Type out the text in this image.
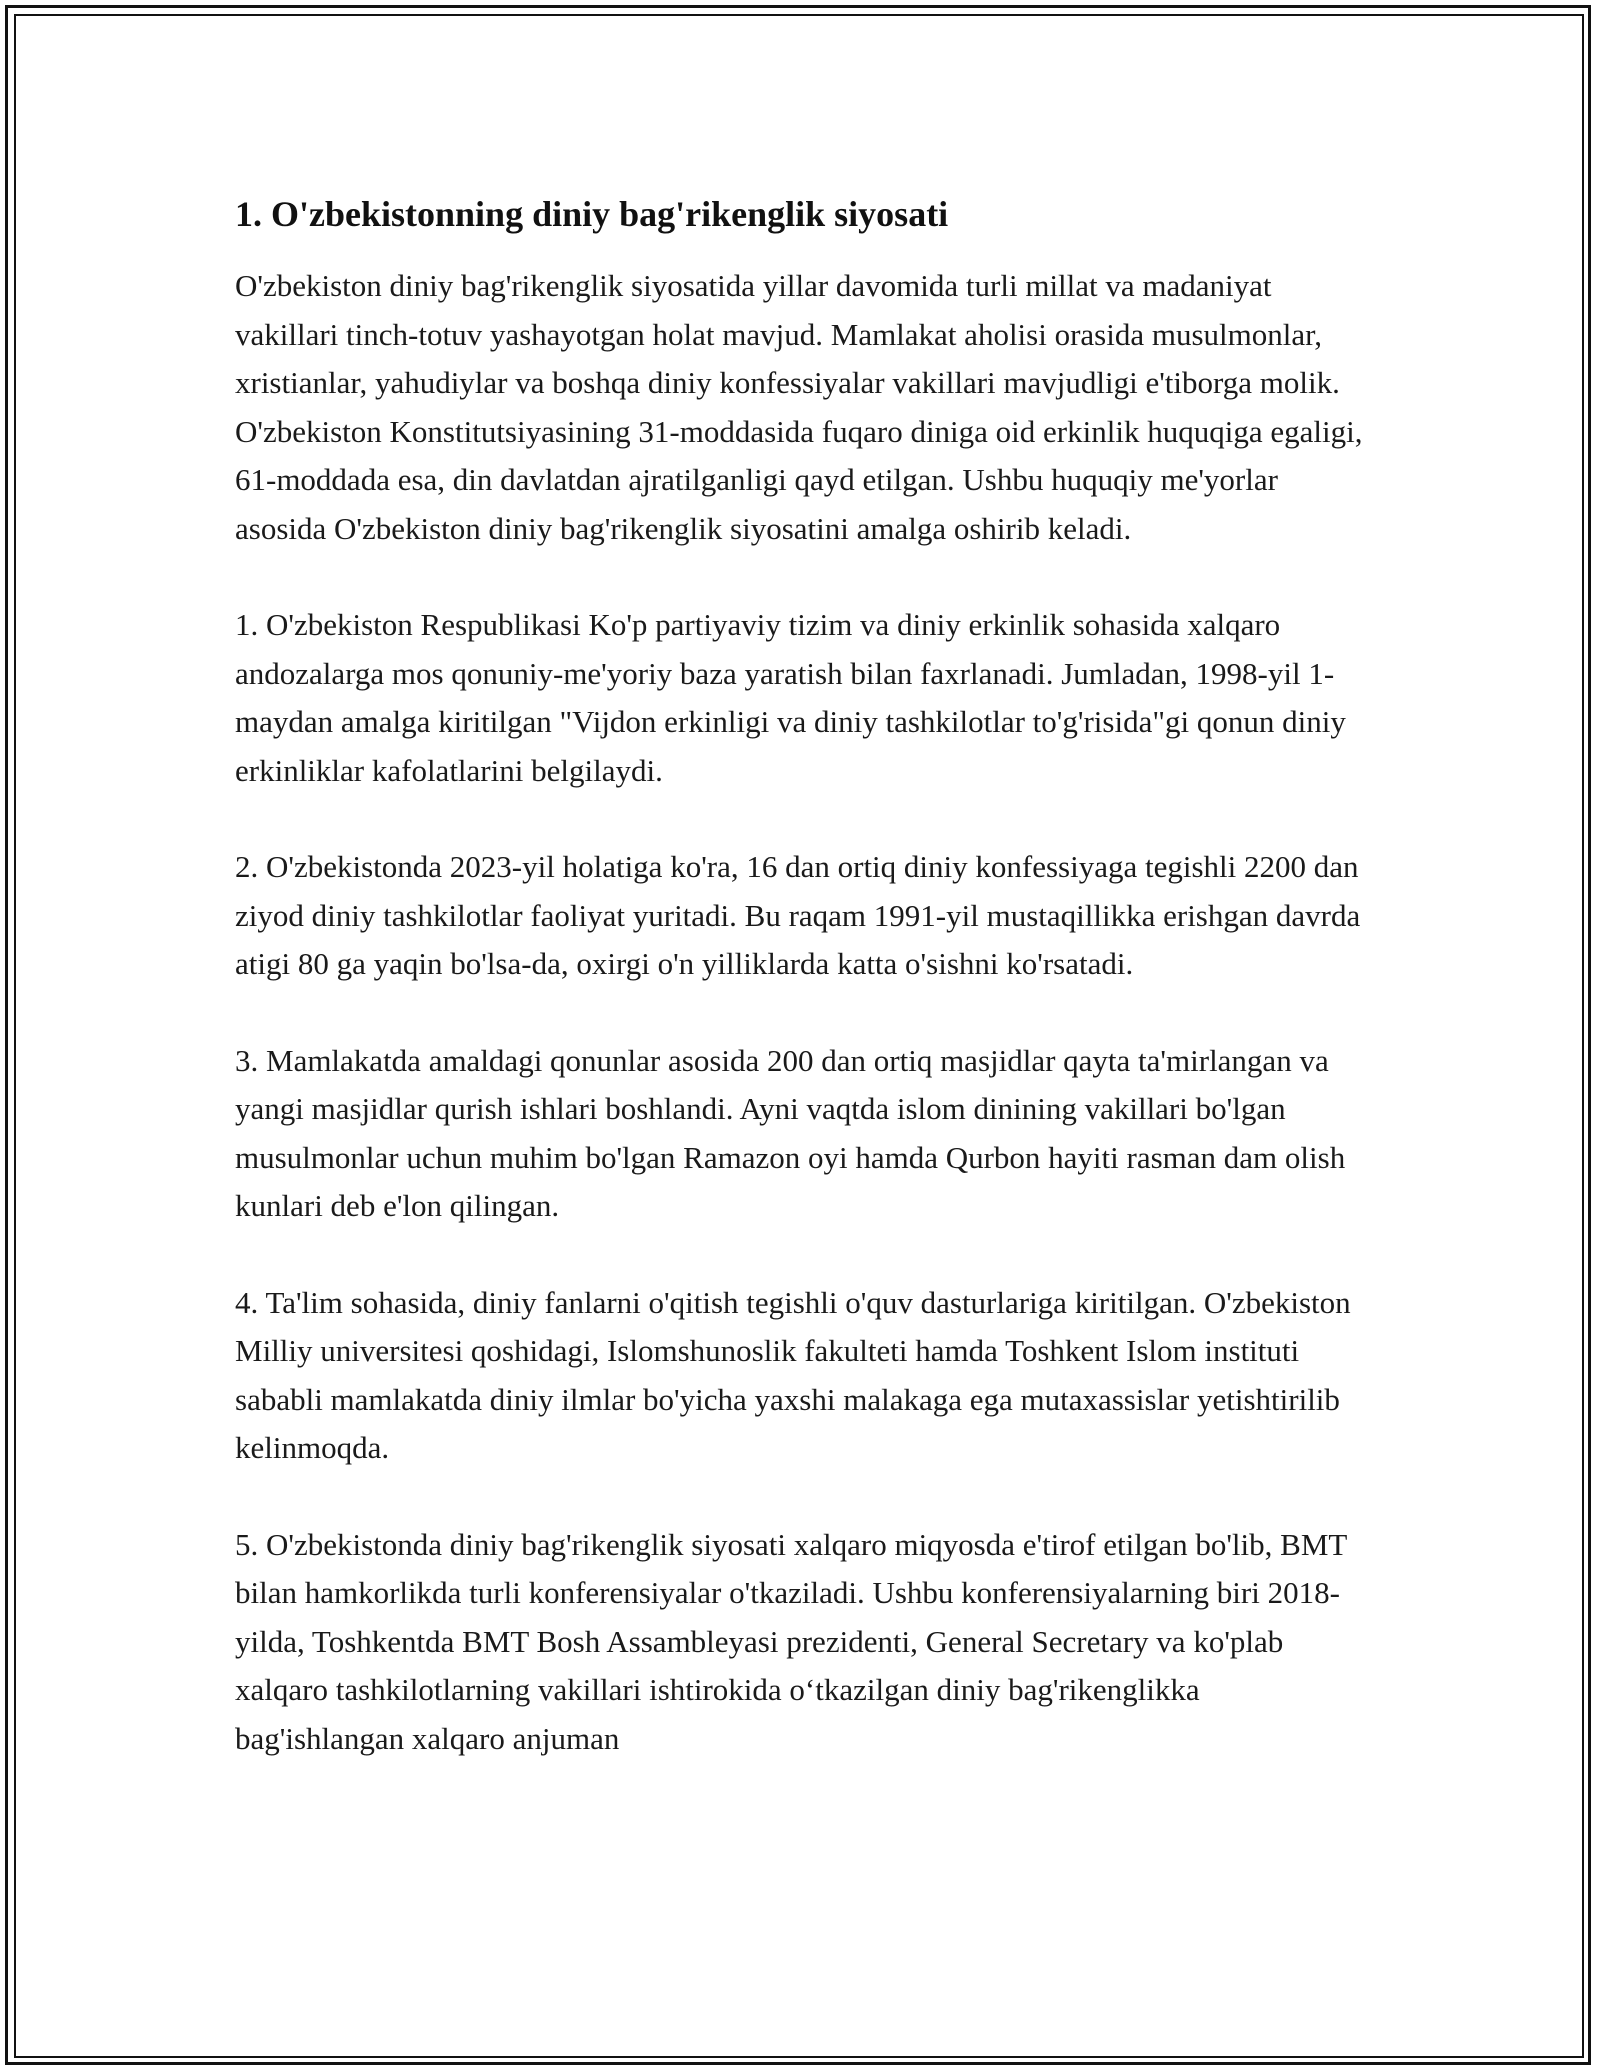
1. O'zbekistonning diniy bag'rikenglik siyosati

O'zbekiston diniy bag'rikenglik siyosatida yillar davomida turli millat va madaniyat vakillari tinch-totuv yashayotgan holat mavjud. Mamlakat aholisi orasida musulmonlar, xristianlar, yahudiylar va boshqa diniy konfessiyalar vakillari mavjudligi e'tiborga molik. O'zbekiston Konstitutsiyasining 31-moddasida fuqaro diniga oid erkinlik huquqiga egaligi, 61-moddada esa, din davlatdan ajratilganligi qayd etilgan. Ushbu huquqiy me'yorlar asosida O'zbekiston diniy bag'rikenglik siyosatini amalga oshirib keladi.

1. O'zbekiston Respublikasi Ko'p partiyaviy tizim va diniy erkinlik sohasida xalqaro andozalarga mos qonuniy-me'yoriy baza yaratish bilan faxrlanadi. Jumladan, 1998-yil 1-maydan amalga kiritilgan "Vijdon erkinligi va diniy tashkilotlar to'g'risida"gi qonun diniy erkinliklar kafolatlarini belgilaydi.

2. O'zbekistonda 2023-yil holatiga ko'ra, 16 dan ortiq diniy konfessiyaga tegishli 2200 dan ziyod diniy tashkilotlar faoliyat yuritadi. Bu raqam 1991-yil mustaqillikka erishgan davrda atigi 80 ga yaqin bo'lsa-da, oxirgi o'n yilliklarda katta o'sishni ko'rsatadi.

3. Mamlakatda amaldagi qonunlar asosida 200 dan ortiq masjidlar qayta ta'mirlangan va yangi masjidlar qurish ishlari boshlandi. Ayni vaqtda islom dinining vakillari bo'lgan musulmonlar uchun muhim bo'lgan Ramazon oyi hamda Qurbon hayiti rasman dam olish kunlari deb e'lon qilingan.

4. Ta'lim sohasida, diniy fanlarni o'qitish tegishli o'quv dasturlariga kiritilgan. O'zbekiston Milliy universitesi qoshidagi, Islomshunoslik fakulteti hamda Toshkent Islom instituti sababli mamlakatda diniy ilmlar bo'yicha yaxshi malakaga ega mutaxassislar yetishtirilib kelinmoqda.

5. O'zbekistonda diniy bag'rikenglik siyosati xalqaro miqyosda e'tirof etilgan bo'lib, BMT bilan hamkorlikda turli konferensiyalar o'tkaziladi. Ushbu konferensiyalarning biri 2018-yilda, Toshkentda BMT Bosh Assambleyasi prezidenti, General Secretary va ko'plab xalqaro tashkilotlarning vakillari ishtirokida o‘tkazilgan diniy bag'rikenglikka bag'ishlangan xalqaro anjuman
